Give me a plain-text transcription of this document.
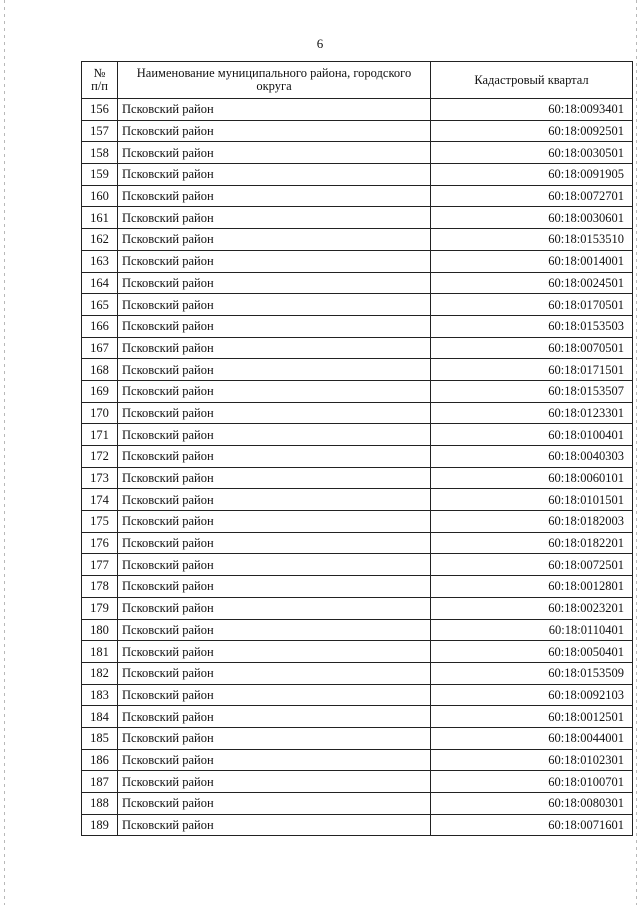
6
№
п/п	Наименование муниципального района, городского округа	Кадастровый квартал
156	Псковский район	60:18:0093401
157	Псковский район	60:18:0092501
158	Псковский район	60:18:0030501
159	Псковский район	60:18:0091905
160	Псковский район	60:18:0072701
161	Псковский район	60:18:0030601
162	Псковский район	60:18:0153510
163	Псковский район	60:18:0014001
164	Псковский район	60:18:0024501
165	Псковский район	60:18:0170501
166	Псковский район	60:18:0153503
167	Псковский район	60:18:0070501
168	Псковский район	60:18:0171501
169	Псковский район	60:18:0153507
170	Псковский район	60:18:0123301
171	Псковский район	60:18:0100401
172	Псковский район	60:18:0040303
173	Псковский район	60:18:0060101
174	Псковский район	60:18:0101501
175	Псковский район	60:18:0182003
176	Псковский район	60:18:0182201
177	Псковский район	60:18:0072501
178	Псковский район	60:18:0012801
179	Псковский район	60:18:0023201
180	Псковский район	60:18:0110401
181	Псковский район	60:18:0050401
182	Псковский район	60:18:0153509
183	Псковский район	60:18:0092103
184	Псковский район	60:18:0012501
185	Псковский район	60:18:0044001
186	Псковский район	60:18:0102301
187	Псковский район	60:18:0100701
188	Псковский район	60:18:0080301
189	Псковский район	60:18:0071601
